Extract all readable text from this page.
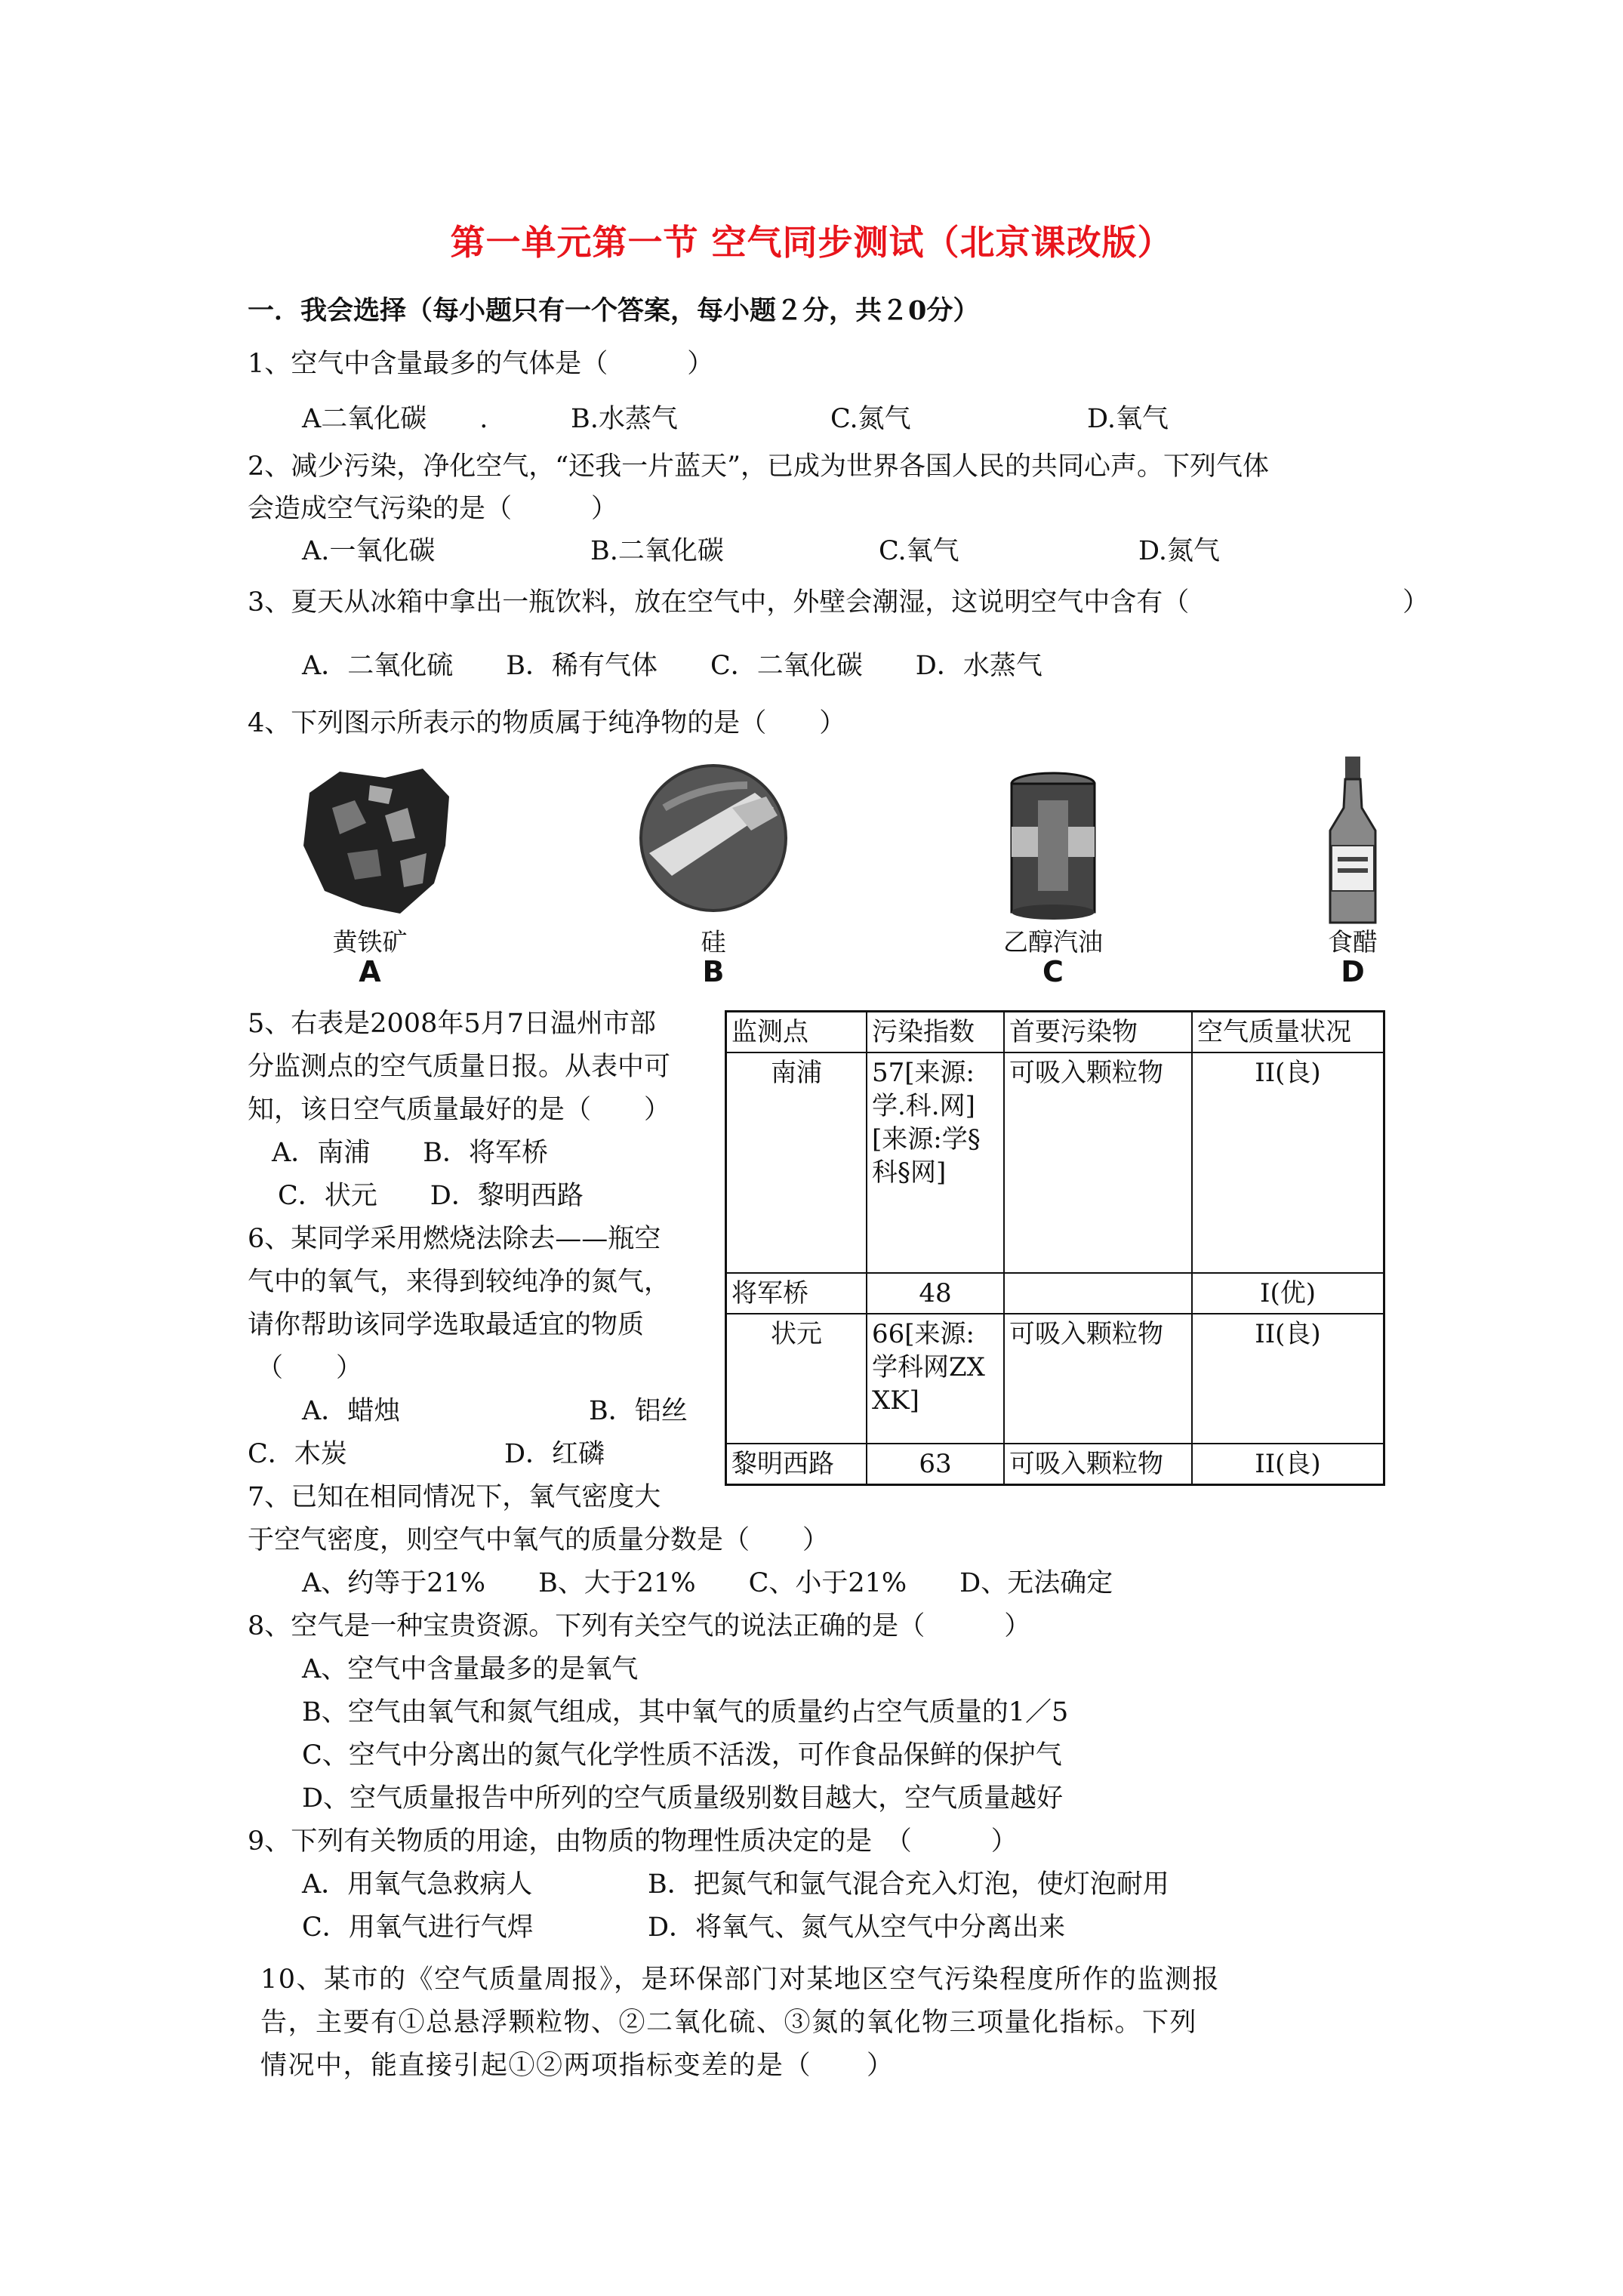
第一单元第一节 空气同步测试（北京课改版）
一．我会选择（每小题只有一个答案，每小题２分，共２0分）
1、空气中含量最多的气体是（　　　）
A二氧化碳　　.	B.水蒸气	C.氮气	D.氧气
2、减少污染，净化空气，“还我一片蓝天”，已成为世界各国人民的共同心声。下列气体
会造成空气污染的是（　　　）
A.一氧化碳	B.二氧化碳	C.氧气	D.氮气
3、夏天从冰箱中拿出一瓶饮料，放在空气中，外壁会潮湿，这说明空气中含有（	）
A．二氧化硫　　B．稀有气体　　C．二氧化碳　　D．水蒸气
4、下列图示所表示的物质属于纯净物的是（　　）
黄铁矿
A
硅
B
乙醇汽油
C
食醋
D
5、右表是2008年5月7日温州市部
分监测点的空气质量日报。从表中可
知，该日空气质量最好的是（　　）
A．南浦　　B．将军桥
C．状元　　D．黎明西路
监测点	污染指数	首要污染物	空气质量状况
南浦	57[来源:学.科.网][来源:学§科§网]	可吸入颗粒物	II(良)
将军桥	48		I(优)
状元	66[来源:学科网ZXXK]	可吸入颗粒物	II(良)
黎明西路	63	可吸入颗粒物	II(良)
6、某同学采用燃烧法除去——瓶空
气中的氧气，来得到较纯净的氮气，
请你帮助该同学选取最适宜的物质
（　　）
A．蜡烛	B．铝丝
C．木炭	D．红磷
7、已知在相同情况下，氧气密度大
于空气密度，则空气中氧气的质量分数是（　　）
A、约等于21%　　B、大于21%　　C、小于21%　　D、无法确定
8、空气是一种宝贵资源。下列有关空气的说法正确的是（　　　）
A、空气中含量最多的是氧气
B、空气由氧气和氮气组成，其中氧气的质量约占空气质量的1／5
C、空气中分离出的氮气化学性质不活泼，可作食品保鲜的保护气
D、空气质量报告中所列的空气质量级别数目越大，空气质量越好
9、下列有关物质的用途，由物质的物理性质决定的是　（　　　）
A．用氧气急救病人	B．把氮气和氩气混合充入灯泡，使灯泡耐用
C．用氧气进行气焊	D．将氧气、氮气从空气中分离出来
10、某市的《空气质量周报》，是环保部门对某地区空气污染程度所作的监测报
告，主要有①总悬浮颗粒物、②二氧化硫、③氮的氧化物三项量化指标。下列
情况中，能直接引起①②两项指标变差的是（　　）
